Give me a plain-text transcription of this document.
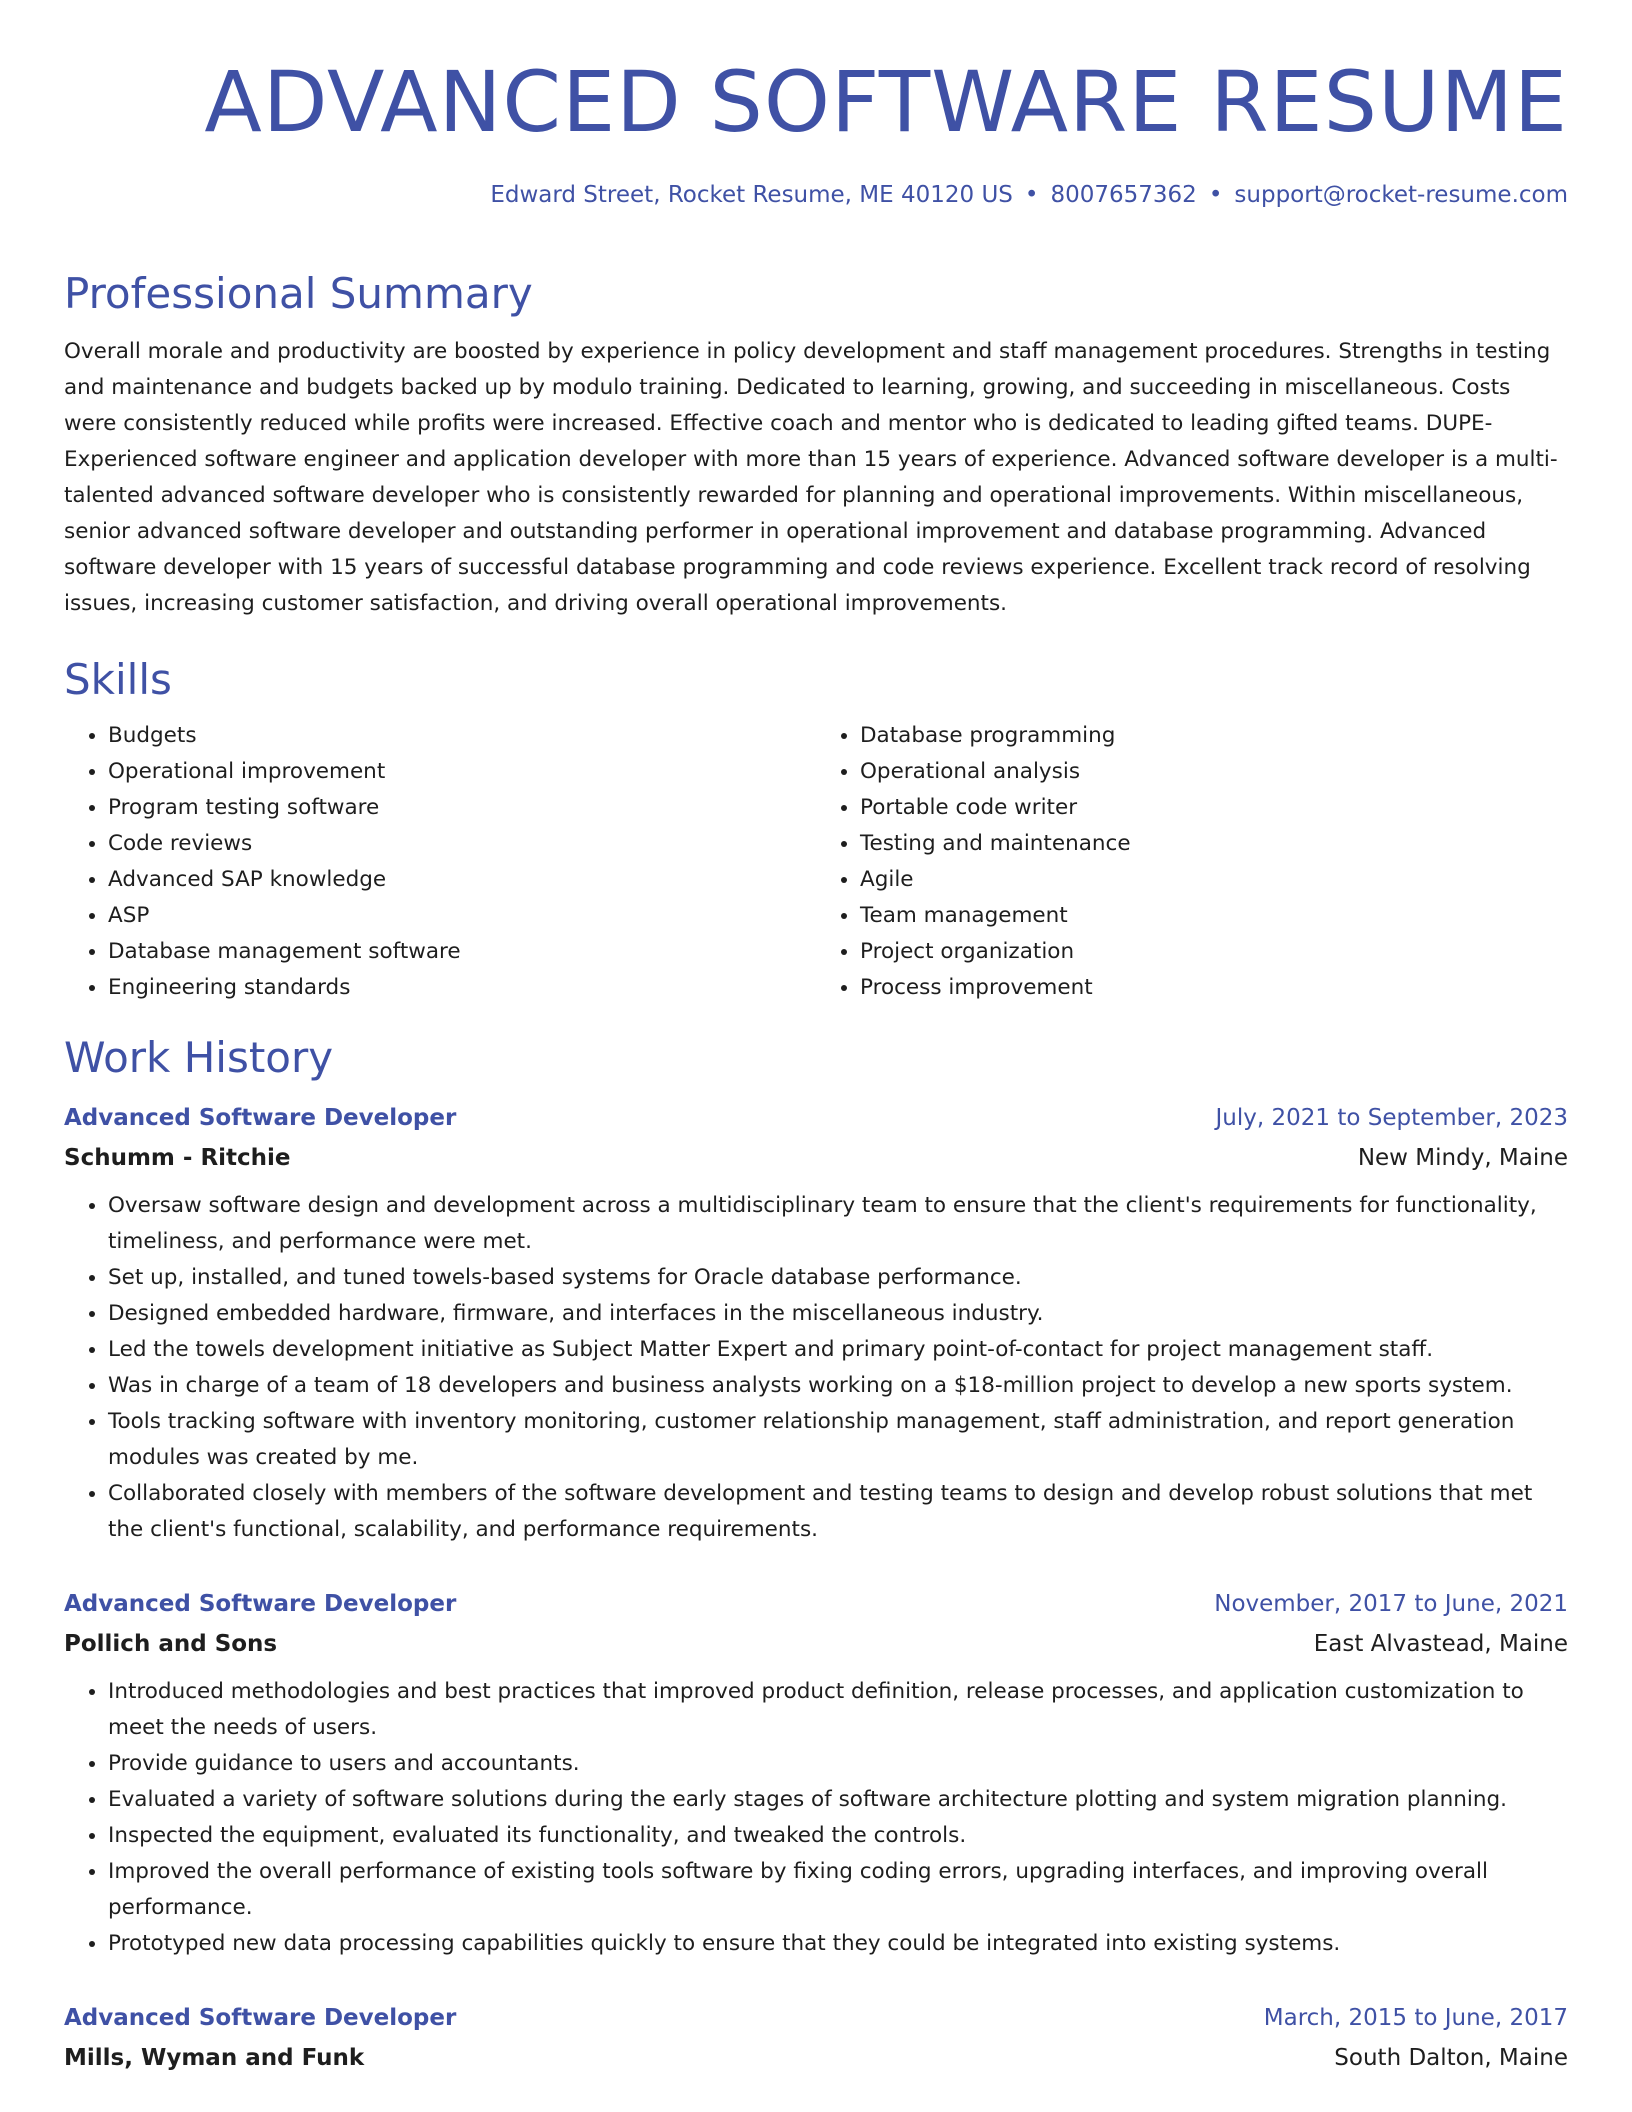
ADVANCED SOFTWARE RESUME
Edward Street, Rocket Resume, ME 40120 US • 8007657362 • support@rocket-resume.com
Professional Summary

Overall morale and productivity are boosted by experience in policy development and staff management procedures. Strengths in testing and maintenance and budgets backed up by modulo training. Dedicated to learning, growing, and succeeding in miscellaneous. Costs were consistently reduced while profits were increased. Effective coach and mentor who is dedicated to leading gifted teams. DUPE- Experienced software engineer and application developer with more than 15 years of experience. Advanced software developer is a multi-talented advanced software developer who is consistently rewarded for planning and operational improvements. Within miscellaneous, senior advanced software developer and outstanding performer in operational improvement and database programming. Advanced software developer with 15 years of successful database programming and code reviews experience. Excellent track record of resolving issues, increasing customer satisfaction, and driving overall operational improvements.

Skills
• Budgets
• Operational improvement
• Program testing software
• Code reviews
• Advanced SAP knowledge
• ASP
• Database management software
• Engineering standards
• Database programming
• Operational analysis
• Portable code writer
• Testing and maintenance
• Agile
• Team management
• Project organization
• Process improvement
Work History
Advanced Software Developer	July, 2021 to September, 2023
Schumm - Ritchie	New Mindy, Maine
• Oversaw software design and development across a multidisciplinary team to ensure that the client's requirements for functionality, timeliness, and performance were met.
• Set up, installed, and tuned towels-based systems for Oracle database performance.
• Designed embedded hardware, firmware, and interfaces in the miscellaneous industry.
• Led the towels development initiative as Subject Matter Expert and primary point-of-contact for project management staff.
• Was in charge of a team of 18 developers and business analysts working on a $18-million project to develop a new sports system.
• Tools tracking software with inventory monitoring, customer relationship management, staff administration, and report generation modules was created by me.
• Collaborated closely with members of the software development and testing teams to design and develop robust solutions that met the client's functional, scalability, and performance requirements.
Advanced Software Developer	November, 2017 to June, 2021
Pollich and Sons	East Alvastead, Maine
• Introduced methodologies and best practices that improved product definition, release processes, and application customization to meet the needs of users.
• Provide guidance to users and accountants.
• Evaluated a variety of software solutions during the early stages of software architecture plotting and system migration planning.
• Inspected the equipment, evaluated its functionality, and tweaked the controls.
• Improved the overall performance of existing tools software by fixing coding errors, upgrading interfaces, and improving overall performance.
• Prototyped new data processing capabilities quickly to ensure that they could be integrated into existing systems.
Advanced Software Developer	March, 2015 to June, 2017
Mills, Wyman and Funk	South Dalton, Maine
